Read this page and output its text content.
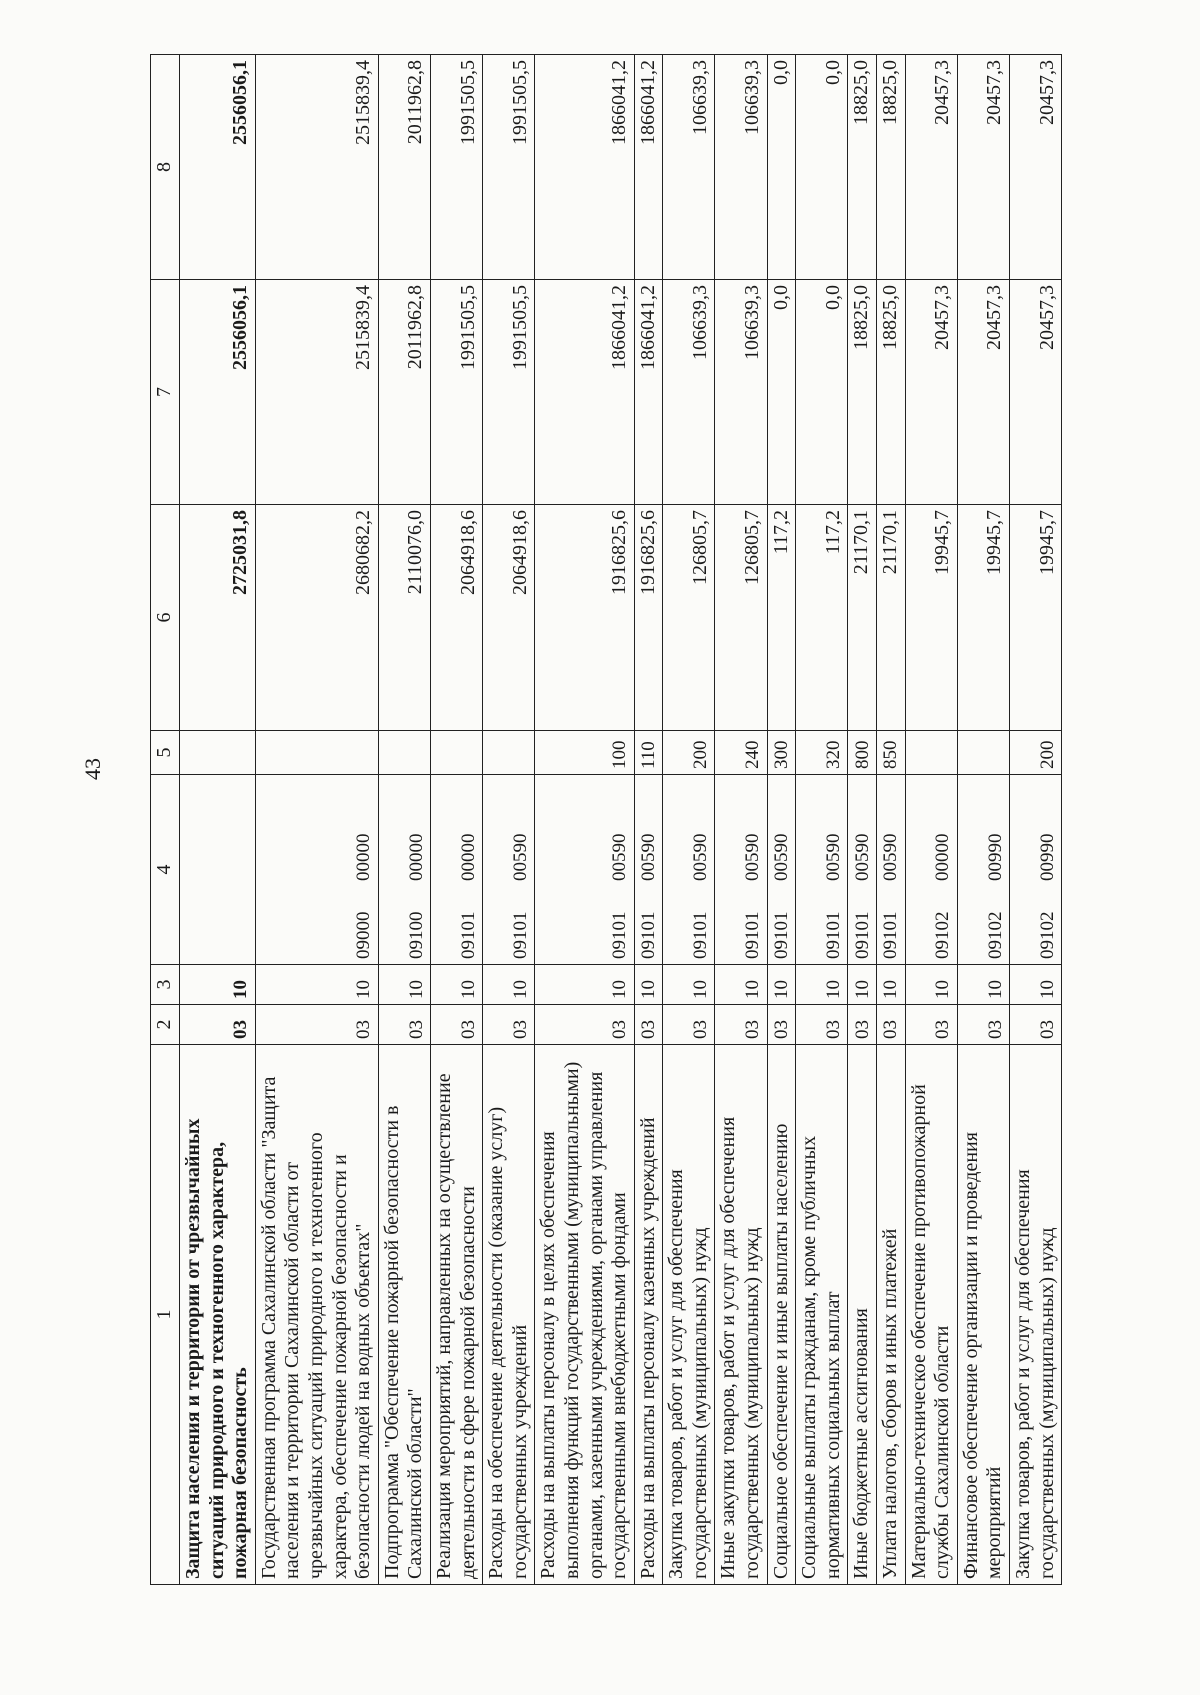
43
1	2	3	4	5	6	7	8
Защита населения и территории от чрезвычайных ситуаций природного и техногенного характера, пожарная безопасность	03	10			2725031,8	2556056,1	2556056,1
Государственная программа Сахалинской области "Защита населения и территории Сахалинской области от чрезвычайных ситуаций природного и техногенного характера, обеспечение пожарной безопасности и безопасности людей на водных объектах"	03	10	0900000000		2680682,2	2515839,4	2515839,4
Подпрограмма "Обеспечение пожарной безопасности в Сахалинской области"	03	10	0910000000		2110076,0	2011962,8	2011962,8
Реализация мероприятий, направленных на осуществление деятельности в сфере пожарной безопасности	03	10	0910100000		2064918,6	1991505,5	1991505,5
Расходы на обеспечение деятельности (оказание услуг) государственных учреждений	03	10	0910100590		2064918,6	1991505,5	1991505,5
Расходы на выплаты персоналу в целях обеспечения выполнения функций государственными (муниципальными) органами, казенными учреждениями, органами управления государственными внебюджетными фондами	03	10	0910100590	100	1916825,6	1866041,2	1866041,2
Расходы на выплаты персоналу казенных учреждений	03	10	0910100590	110	1916825,6	1866041,2	1866041,2
Закупка товаров, работ и услуг для обеспечения государственных (муниципальных) нужд	03	10	0910100590	200	126805,7	106639,3	106639,3
Иные закупки товаров, работ и услуг для обеспечения государственных (муниципальных) нужд	03	10	0910100590	240	126805,7	106639,3	106639,3
Социальное обеспечение и иные выплаты населению	03	10	0910100590	300	117,2	0,0	0,0
Социальные выплаты гражданам, кроме публичных нормативных социальных выплат	03	10	0910100590	320	117,2	0,0	0,0
Иные бюджетные ассигнования	03	10	0910100590	800	21170,1	18825,0	18825,0
Уплата налогов, сборов и иных платежей	03	10	0910100590	850	21170,1	18825,0	18825,0
Материально-техническое обеспечение противопожарной службы Сахалинской области	03	10	0910200000		19945,7	20457,3	20457,3
Финансовое обеспечение организации и проведения мероприятий	03	10	0910200990		19945,7	20457,3	20457,3
Закупка товаров, работ и услуг для обеспечения государственных (муниципальных) нужд	03	10	0910200990	200	19945,7	20457,3	20457,3
